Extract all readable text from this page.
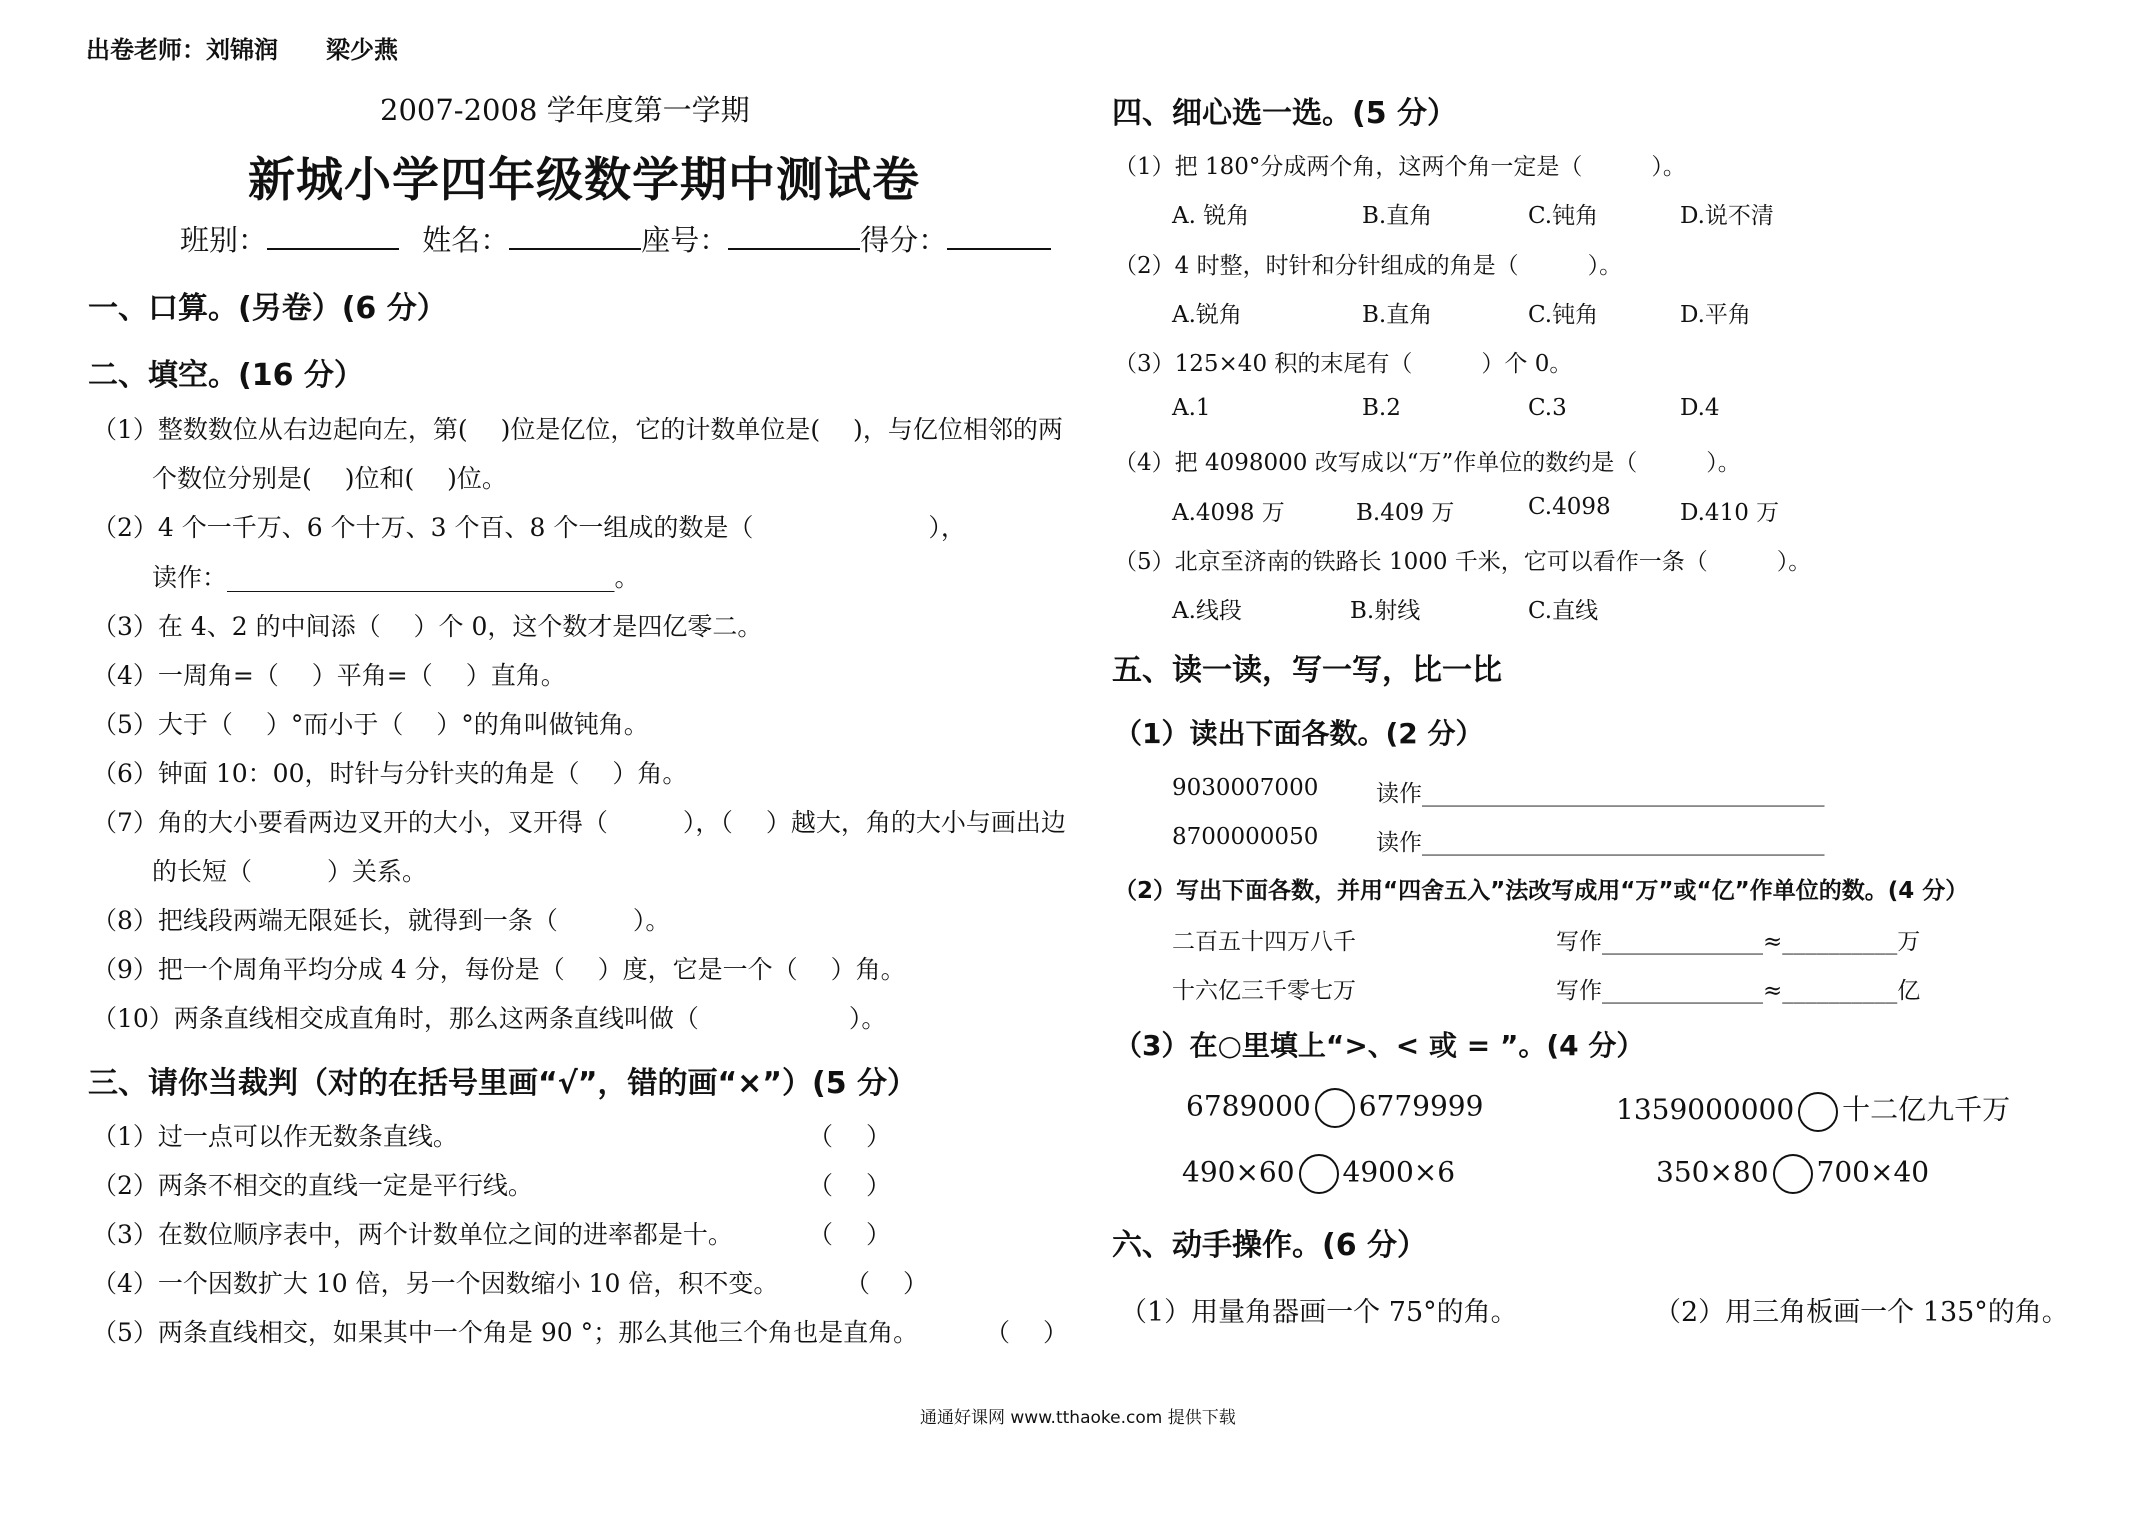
出卷老师：刘锦润　　梁少燕
2007-2008 学年度第一学期
新城小学四年级数学期中测试卷
班别：	姓名：	座号：	得分：
一、口算。(另卷）(6 分）
二、填空。(16 分）
（1）整数数位从右边起向左，第(　 )位是亿位，它的计数单位是(　 )，与亿位相邻的两
个数位分别是(　 )位和(　 )位。
（2）4 个一千万、6 个十万、3 个百、8 个一组成的数是（　　　　　　　），
读作：_______________________________。
（3）在 4、2 的中间添（　 ）个 0，这个数才是四亿零二。
（4）一周角=（　 ）平角=（　 ）直角。
（5）大于（　 ）°而小于（　 ）°的角叫做钝角。
（6）钟面 10：00，时针与分针夹的角是（　 ）角。
（7）角的大小要看两边叉开的大小，叉开得（　　　），（　 ）越大，角的大小与画出边
的长短（　　　）关系。
（8）把线段两端无限延长，就得到一条（　　　）。
（9）把一个周角平均分成 4 分，每份是（　 ）度，它是一个（　 ）角。
（10）两条直线相交成直角时，那么这两条直线叫做（　　　　　　）。
三、请你当裁判（对的在括号里画“√”，错的画“×”）(5 分）
（1）过一点可以作无数条直线。	（　 ）
（2）两条不相交的直线一定是平行线。	（　 ）
（3）在数位顺序表中，两个计数单位之间的进率都是十。	（　 ）
（4）一个因数扩大 10 倍，另一个因数缩小 10 倍，积不变。	（　 ）
（5）两条直线相交，如果其中一个角是 90 °；那么其他三个角也是直角。	（　 ）
四、细心选一选。(5 分）
（1）把 180°分成两个角，这两个角一定是（　　　）。
A. 锐角	B.直角	C.钝角	D.说不清
（2）4 时整，时针和分针组成的角是（　　　）。
A.锐角	B.直角	C.钝角	D.平角
（3）125×40 积的末尾有（　　　）个 0。
A.1	B.2	C.3	D.4
（4）把 4098000 改写成以“万”作单位的数约是（　　　）。
A.4098 万	B.409 万	C.4098	D.410 万
（5）北京至济南的铁路长 1000 千米，它可以看作一条（　　　）。
A.线段	B.射线	C.直线
五、读一读，写一写，比一比
（1）读出下面各数。(2 分）
9030007000	读作___________________________________
8700000050	读作___________________________________
（2）写出下面各数，并用“四舍五入”法改写成用“万”或“亿”作单位的数。(4 分）
二百五十四万八千	写作______________≈__________万
十六亿三千零七万	写作______________≈__________亿
（3）在○里填上“>、< 或 = ”。(4 分）
6789000 6779999	1359000000 十二亿九千万
490×60 4900×6	350×80 700×40
六、动手操作。(6 分）
（1）用量角器画一个 75°的角。	（2）用三角板画一个 135°的角。
通通好课网 www.tthaoke.com 提供下载
